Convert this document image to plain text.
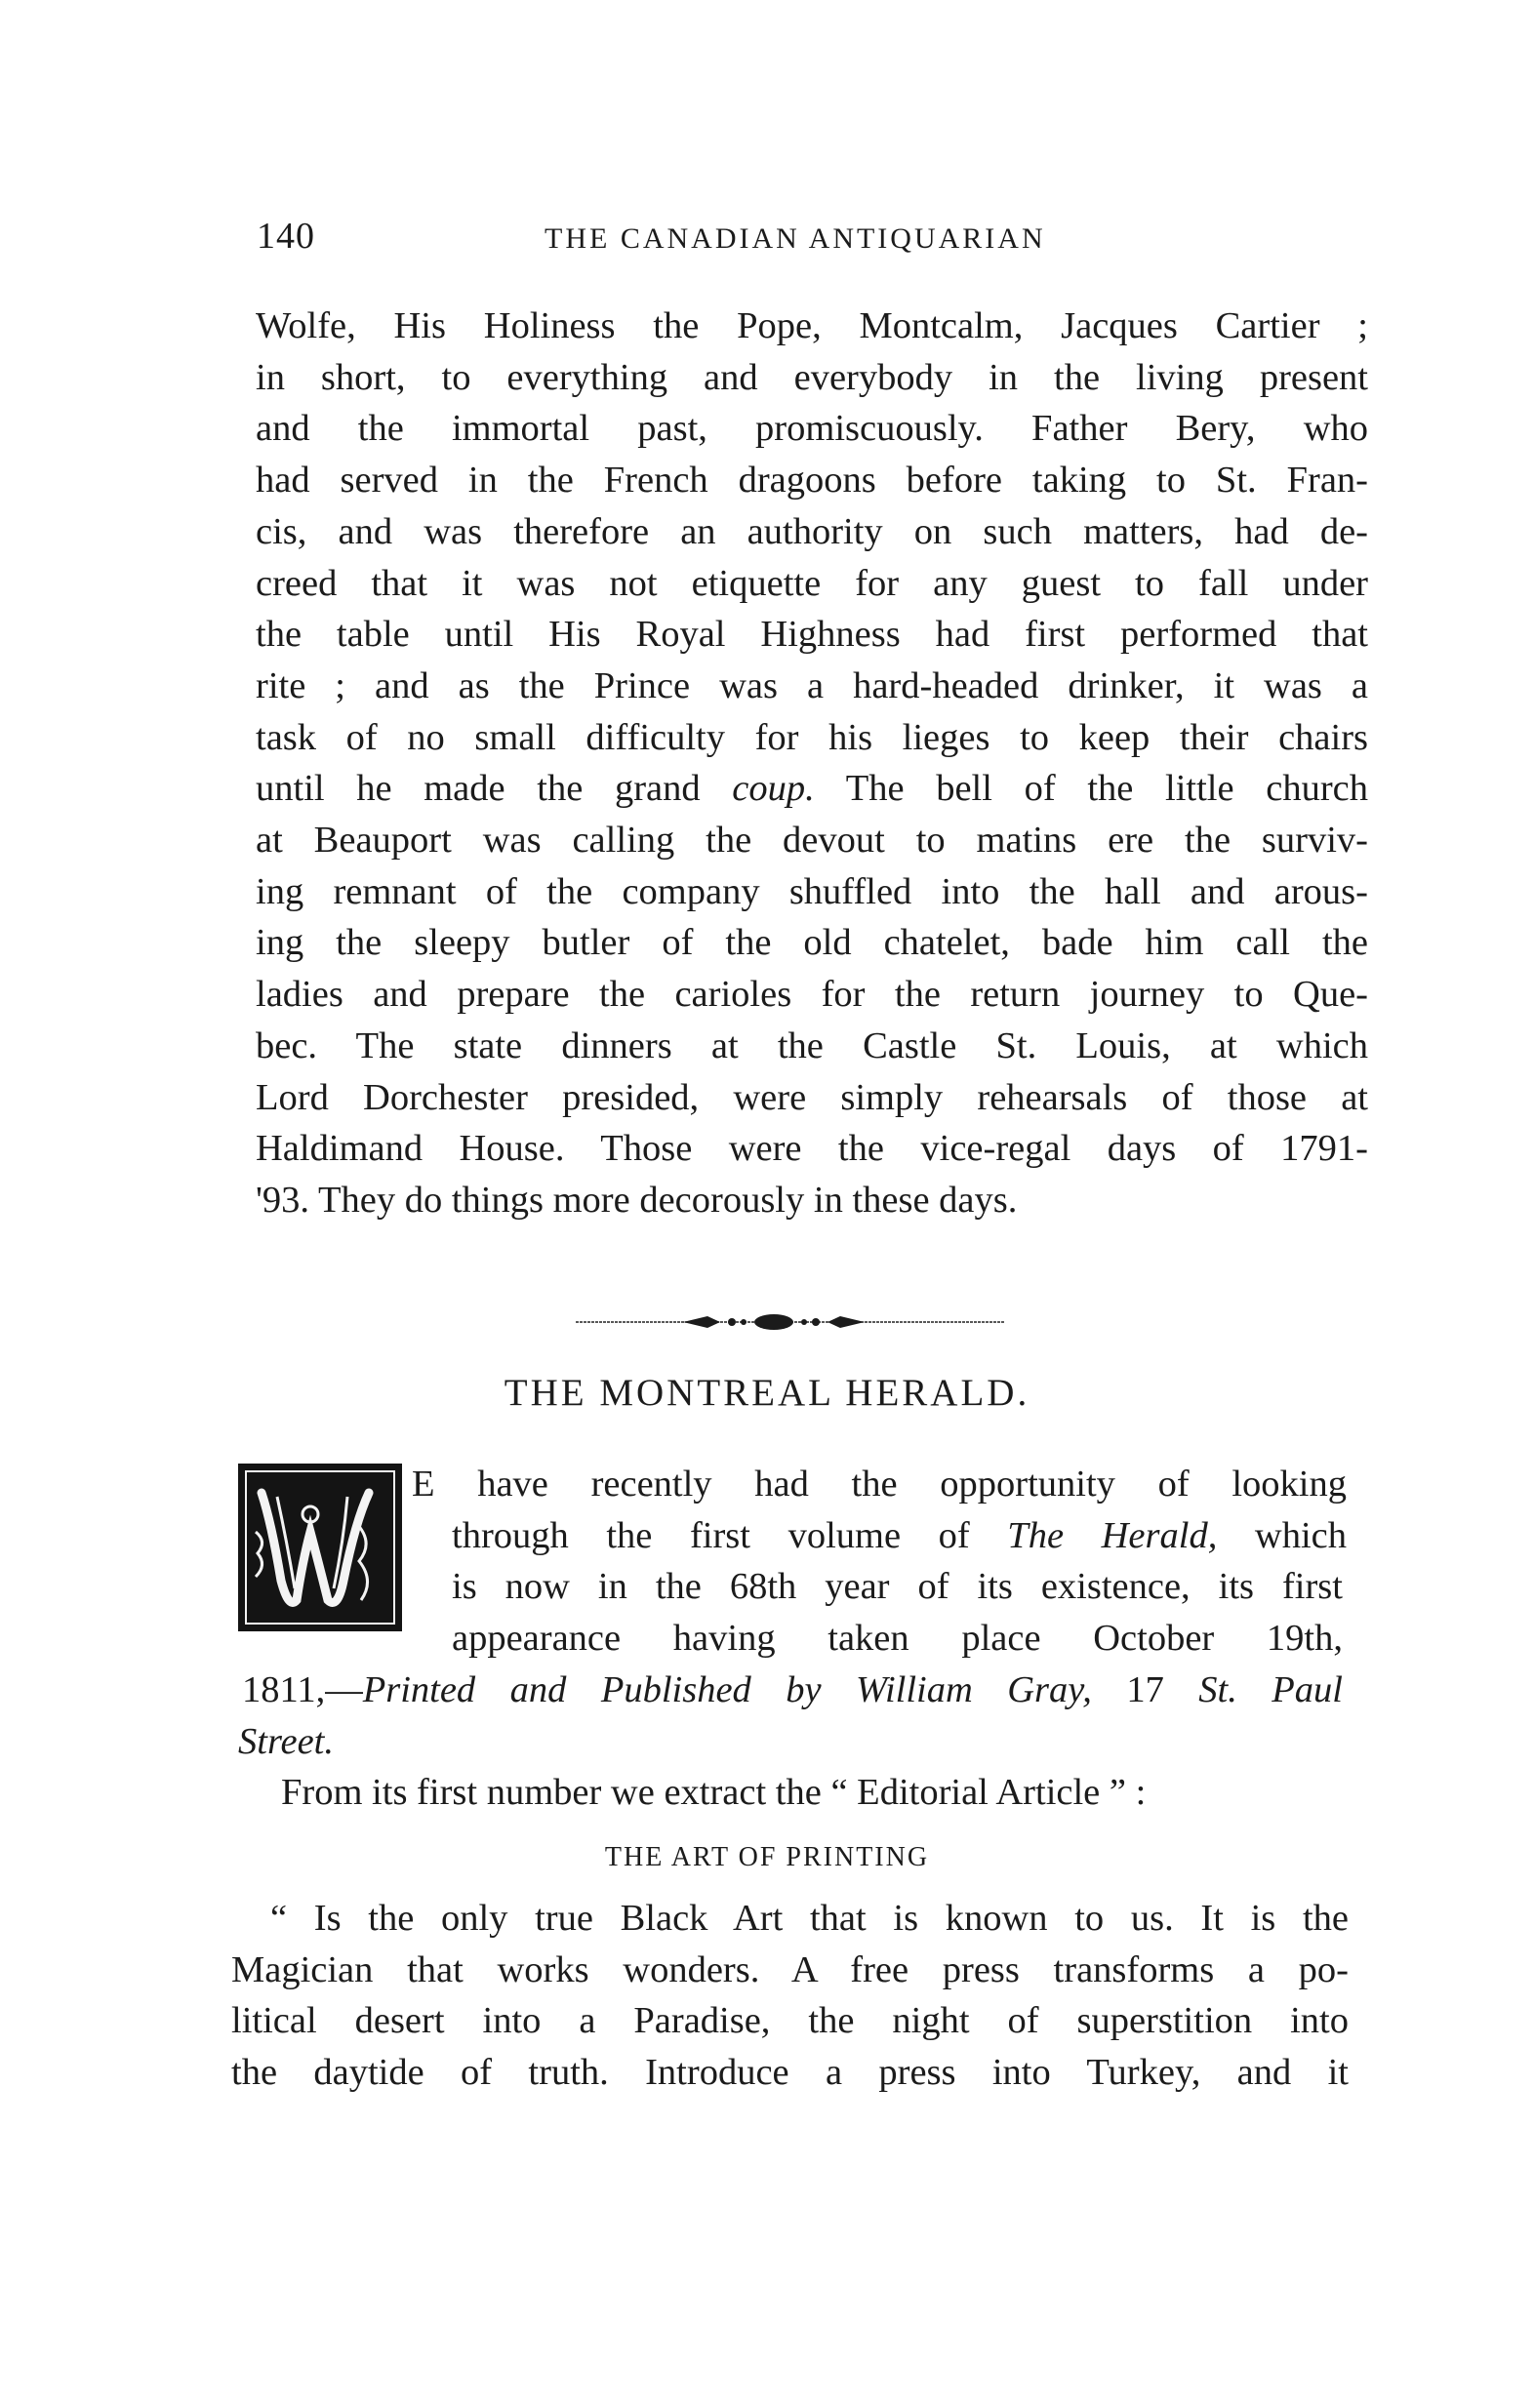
140	THE CANADIAN ANTIQUARIAN
Wolfe, His Holiness the Pope, Montcalm, Jacques Cartier ;
in short, to everything and everybody in the living present
and the immortal past, promiscuously. Father Bery, who
had served in the French dragoons before taking to St. Fran-
cis, and was therefore an authority on such matters, had de-
creed that it was not etiquette for any guest to fall under
the table until His Royal Highness had first performed that
rite ; and as the Prince was a hard-headed drinker, it was a
task of no small difficulty for his lieges to keep their chairs
until he made the grand coup. The bell of the little church
at Beauport was calling the devout to matins ere the surviv-
ing remnant of the company shuffled into the hall and arous-
ing the sleepy butler of the old chatelet, bade him call the
ladies and prepare the carioles for the return journey to Que-
bec. The state dinners at the Castle St. Louis, at which
Lord Dorchester presided, were simply rehearsals of those at
Haldimand House. Those were the vice-regal days of 1791-
'93. They do things more decorously in these days.
THE MONTREAL HERALD.
E have recently had the opportunity of looking
through the first volume of The Herald, which
is now in the 68th year of its existence, its first
appearance having taken place October 19th,
1811,—Printed and Published by William Gray, 17 St. Paul
Street.
From its first number we extract the “ Editorial Article ” :
THE ART OF PRINTING
“ Is the only true Black Art that is known to us. It is the
Magician that works wonders. A free press transforms a po-
litical desert into a Paradise, the night of superstition into
the daytide of truth. Introduce a press into Turkey, and it
